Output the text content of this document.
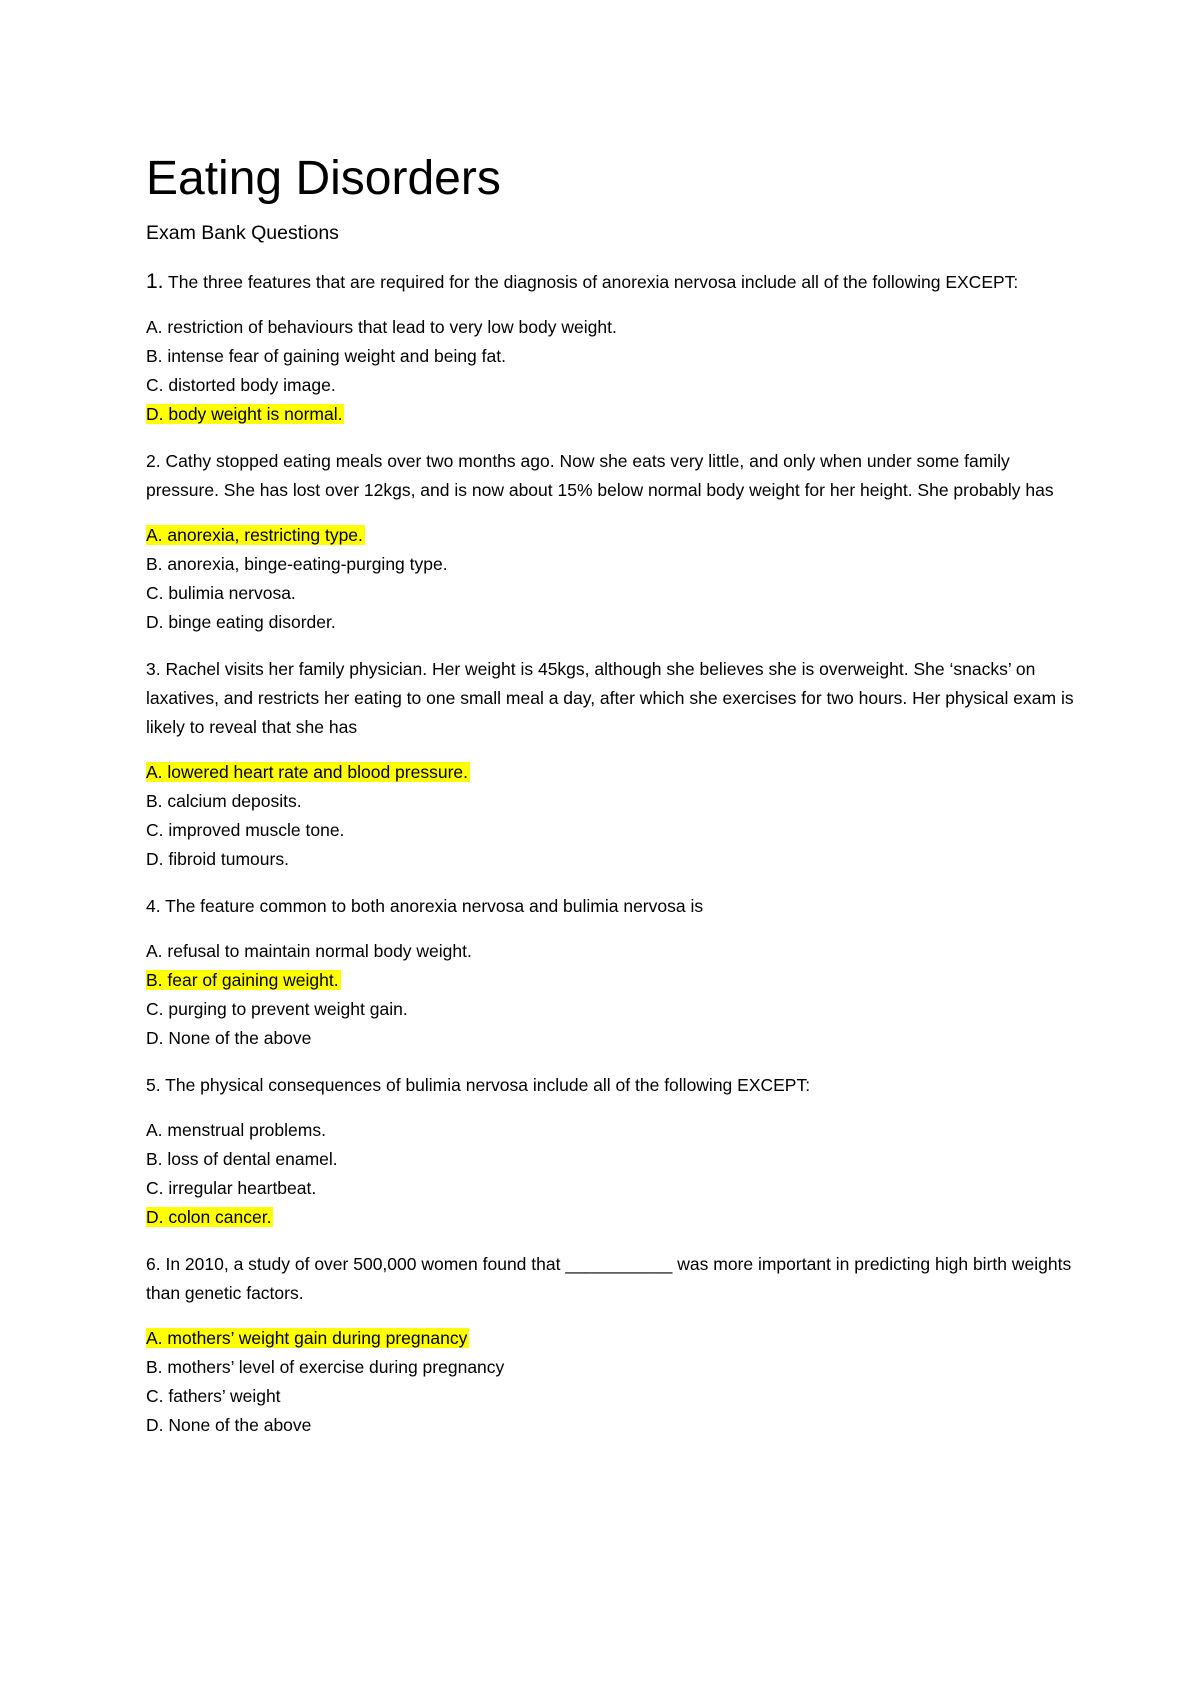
Eating Disorders
Exam Bank Questions

1. The three features that are required for the diagnosis of anorexia nervosa include all of the following EXCEPT:

A. restriction of behaviours that lead to very low body weight.
B. intense fear of gaining weight and being fat.
C. distorted body image.
D. body weight is normal.

2. Cathy stopped eating meals over two months ago. Now she eats very little, and only when under some family pressure. She has lost over 12kgs, and is now about 15% below normal body weight for her height. She probably has

A. anorexia, restricting type.
B. anorexia, binge-eating-purging type.
C. bulimia nervosa.
D. binge eating disorder.

3. Rachel visits her family physician. Her weight is 45kgs, although she believes she is overweight. She ‘snacks’ on laxatives, and restricts her eating to one small meal a day, after which she exercises for two hours. Her physical exam is likely to reveal that she has

A. lowered heart rate and blood pressure.
B. calcium deposits.
C. improved muscle tone.
D. fibroid tumours.

4. The feature common to both anorexia nervosa and bulimia nervosa is

A. refusal to maintain normal body weight.
B. fear of gaining weight.
C. purging to prevent weight gain.
D. None of the above

5. The physical consequences of bulimia nervosa include all of the following EXCEPT:

A. menstrual problems.
B. loss of dental enamel.
C. irregular heartbeat.
D. colon cancer.

6. In 2010, a study of over 500,000 women found that ___________ was more important in predicting high birth weights than genetic factors.

A. mothers’ weight gain during pregnancy
B. mothers’ level of exercise during pregnancy
C. fathers’ weight
D. None of the above
